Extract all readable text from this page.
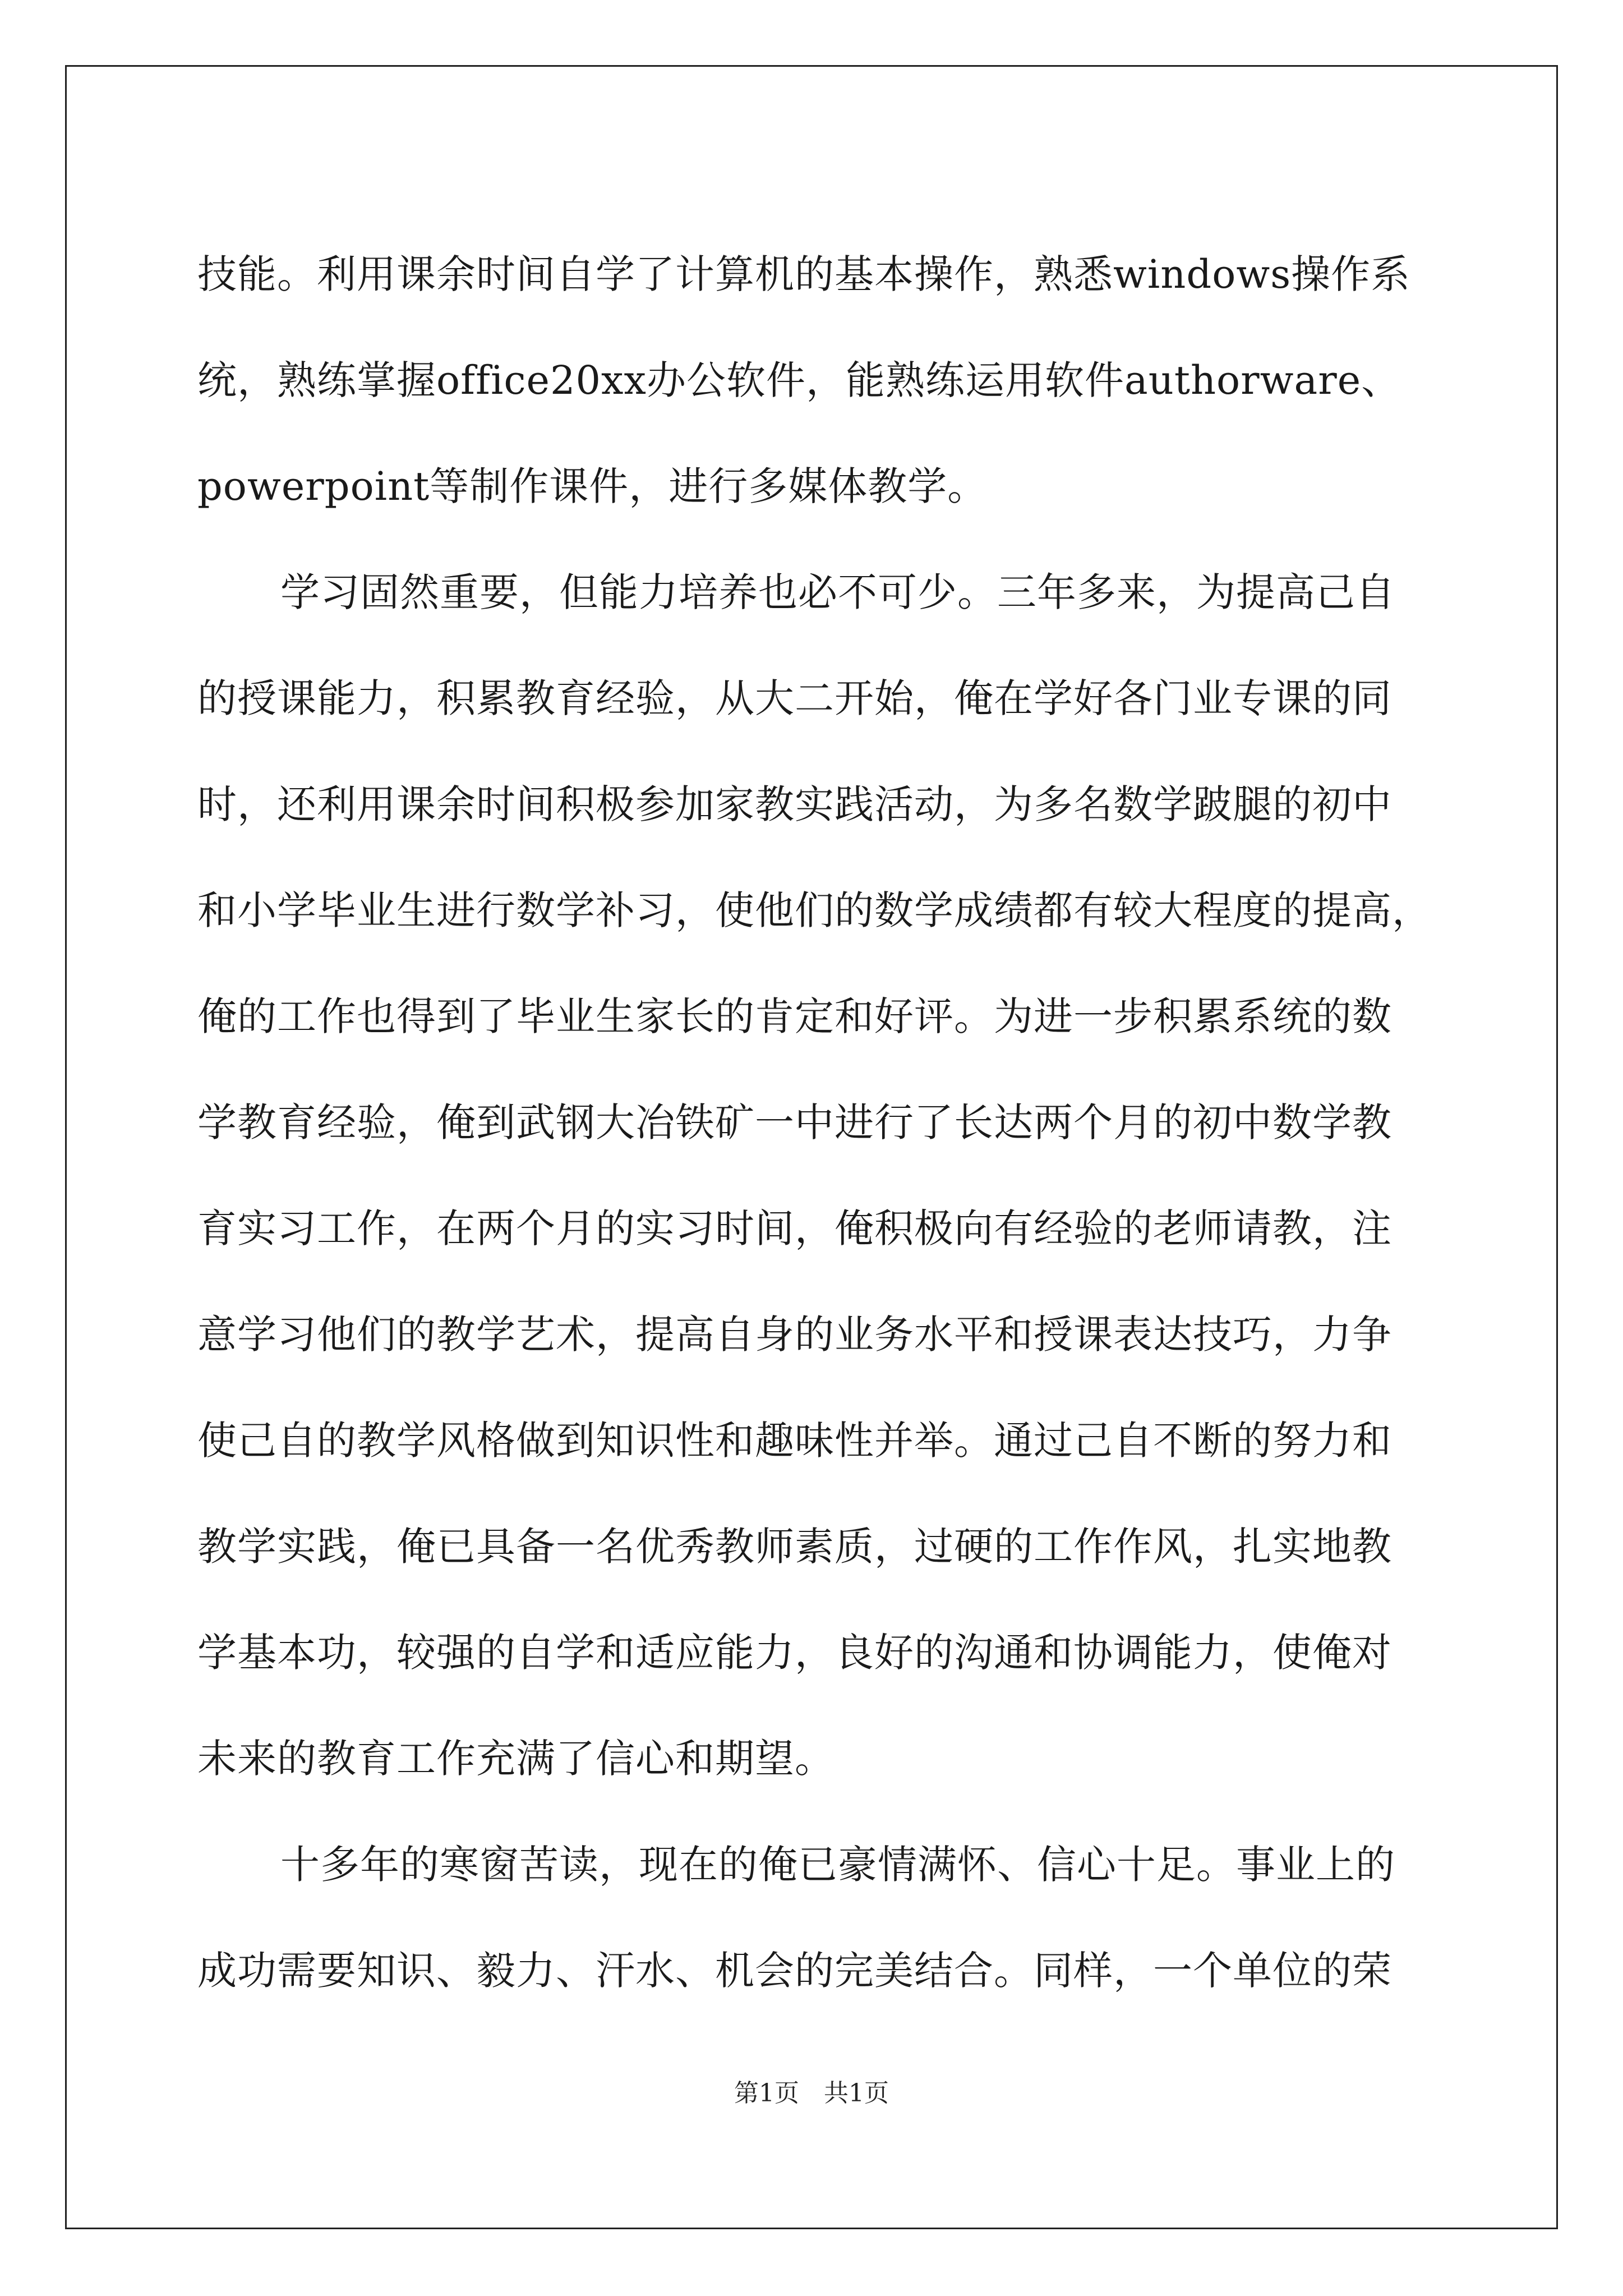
技能。利用课余时间自学了计算机的基本操作，熟悉windows操作系
统，熟练掌握office20xx办公软件，能熟练运用软件authorware、
powerpoint等制作课件，进行多媒体教学。
学习固然重要，但能力培养也必不可少。三年多来，为提高己自
的授课能力，积累教育经验，从大二开始，俺在学好各门业专课的同
时，还利用课余时间积极参加家教实践活动，为多名数学跛腿的初中
和小学毕业生进行数学补习，使他们的数学成绩都有较大程度的提高，
俺的工作也得到了毕业生家长的肯定和好评。为进一步积累系统的数
学教育经验，俺到武钢大冶铁矿一中进行了长达两个月的初中数学教
育实习工作，在两个月的实习时间，俺积极向有经验的老师请教，注
意学习他们的教学艺术，提高自身的业务水平和授课表达技巧，力争
使己自的教学风格做到知识性和趣味性并举。通过己自不断的努力和
教学实践，俺已具备一名优秀教师素质，过硬的工作作风，扎实地教
学基本功，较强的自学和适应能力，良好的沟通和协调能力，使俺对
未来的教育工作充满了信心和期望。
十多年的寒窗苦读，现在的俺已豪情满怀、信心十足。事业上的
成功需要知识、毅力、汗水、机会的完美结合。同样，一个单位的荣
第1页 共1页
